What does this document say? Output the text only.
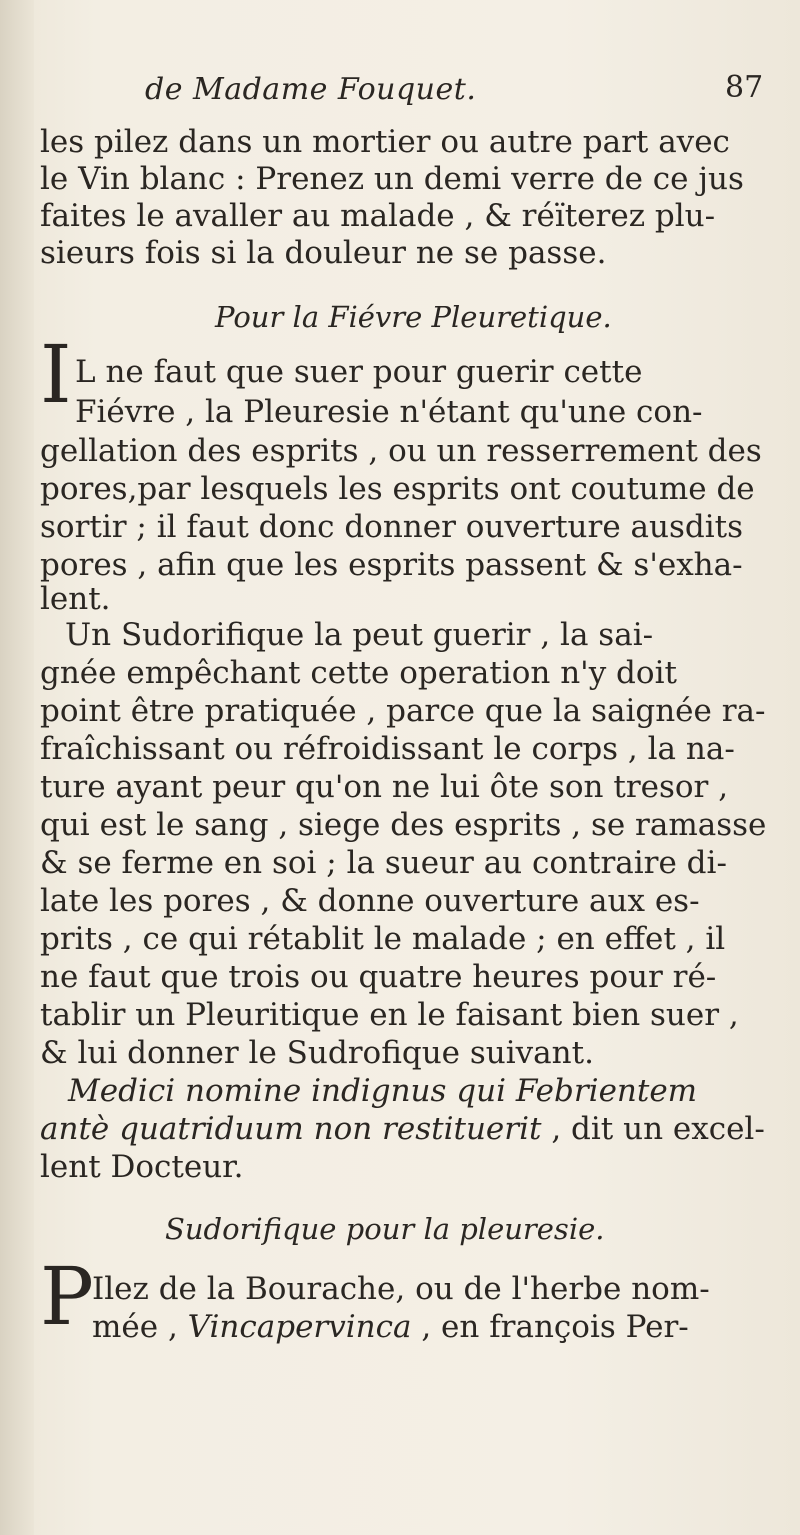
de Madame Fouquet.	87
les pilez dans un mortier ou autre part avec
le Vin blanc : Prenez un demi verre de ce jus
faites le avaller au malade , & réïterez plu-
sieurs fois si la douleur ne se passe.
Pour la Fiévre Pleuretique.
I L ne faut que suer pour guerir cette
Fiévre , la Pleuresie n'étant qu'une con-
gellation des esprits , ou un resserrement des
pores,par lesquels les esprits ont coutume de
sortir ; il faut donc donner ouverture ausdits
pores , afin que les esprits passent & s'exha-
lent.
Un Sudorifique la peut guerir , la sai-
gnée empêchant cette operation n'y doit
point être pratiquée , parce que la saignée ra-
fraîchissant ou réfroidissant le corps , la na-
ture ayant peur qu'on ne lui ôte son tresor ,
qui est le sang , siege des esprits , se ramasse
& se ferme en soi ; la sueur au contraire di-
late les pores , & donne ouverture aux es-
prits , ce qui rétablit le malade ; en effet , il
ne faut que trois ou quatre heures pour ré-
tablir un Pleuritique en le faisant bien suer ,
& lui donner le Sudrofique suivant.
Medici nomine indignus qui Febrientem
antè quatriduum non restituerit , dit un excel-
lent Docteur.
Sudorifique pour la pleuresie.
P
Ilez de la Bourache, ou de l'herbe nom-
mée , Vincapervinca , en françois Per-
